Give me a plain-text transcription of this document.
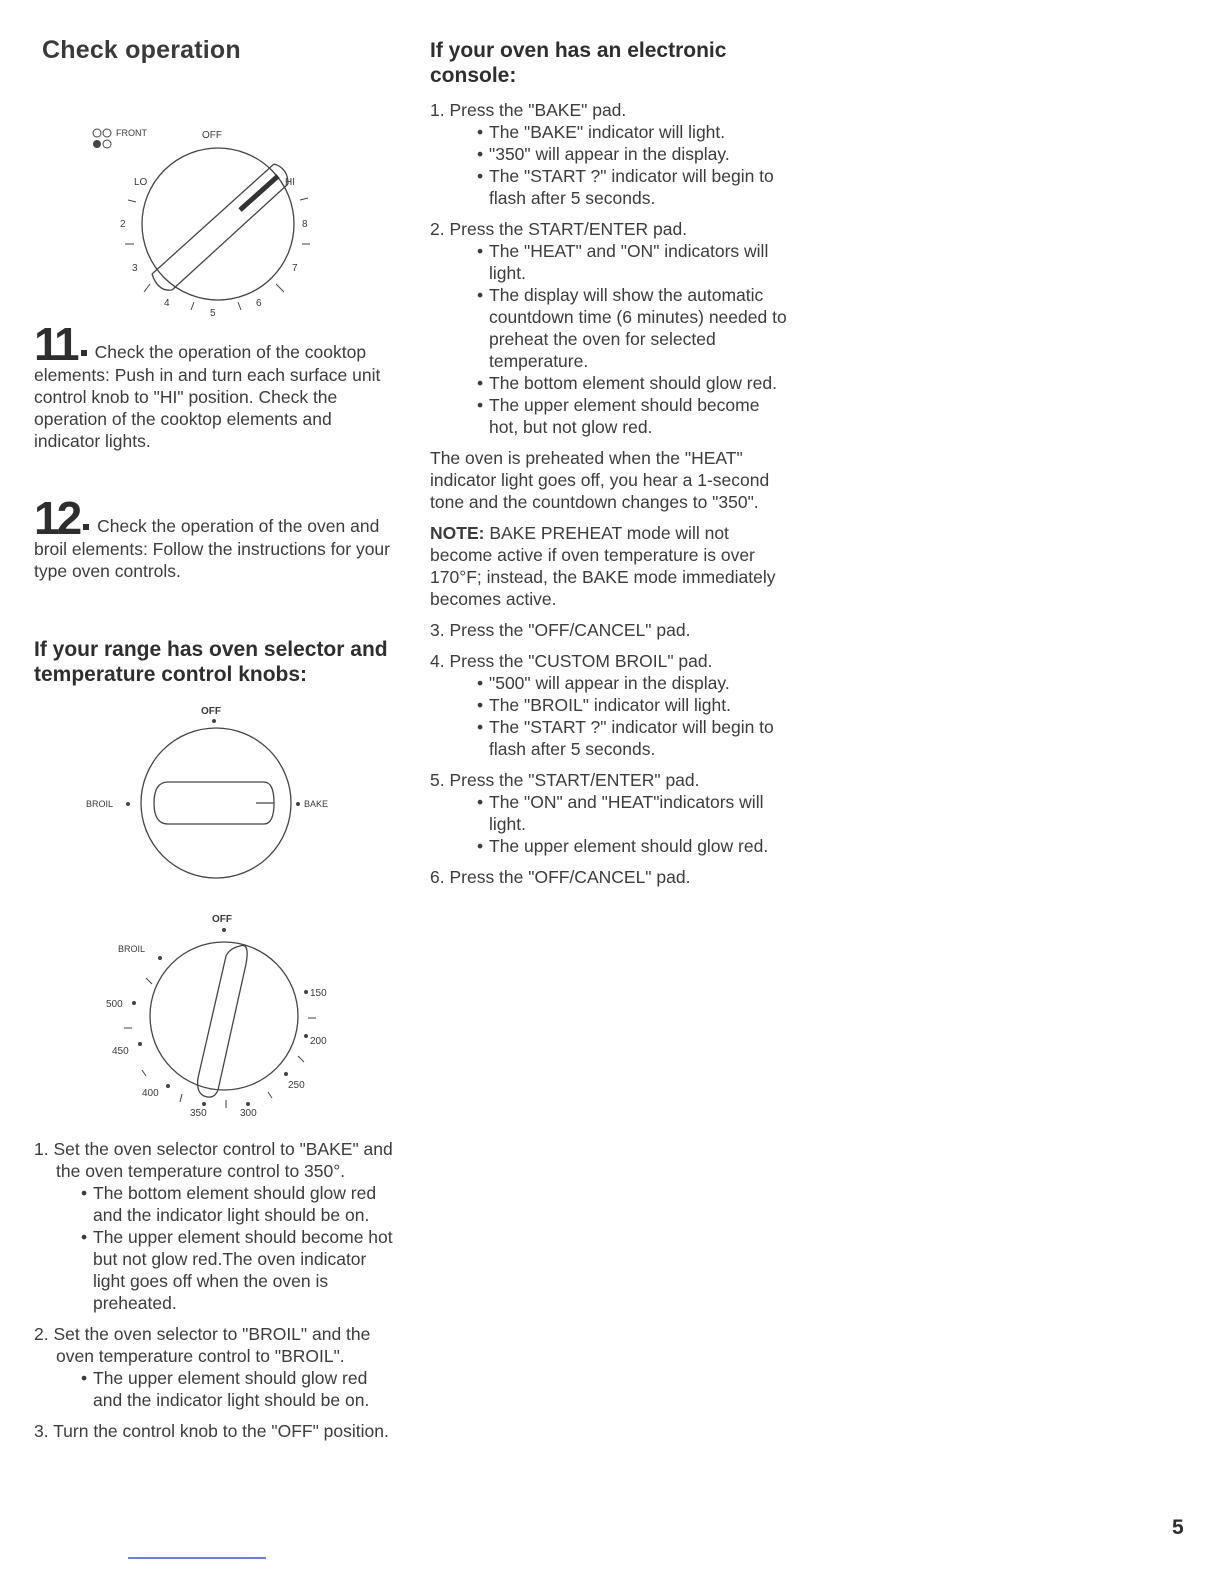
Check operation
FRONT	OFF
LO	HI
2
3
4
5
6
7
8
11 Check the operation of the cooktop elements: Push in and turn each surface unit control knob to "HI" position. Check the operation of the cooktop elements and indicator lights.
12 Check the operation of the oven and broil elements: Follow the instructions for your type oven controls.
If your range has oven selector and temperature control knobs:
OFF
BROIL	BAKE
OFF
BROIL
500
450
400
350	300
250
200
150
1. Set the oven selector control to "BAKE" and the oven temperature control to 350°.
• The bottom element should glow red and the indicator light should be on.
• The upper element should become hot but not glow red.The oven indicator light goes off when the oven is preheated.
2. Set the oven selector to "BROIL" and the oven temperature control to "BROIL".
• The upper element should glow red and the indicator light should be on.
3. Turn the control knob to the "OFF" position.
If your oven has an electronic console:
1. Press the "BAKE" pad.
• The "BAKE" indicator will light.
• "350" will appear in the display.
• The "START ?" indicator will begin to flash after 5 seconds.
2. Press the START/ENTER pad.
• The "HEAT" and "ON" indicators will light.
• The display will show the automatic countdown time (6 minutes) needed to preheat the oven for selected temperature.
• The bottom element should glow red.
• The upper element should become hot, but not glow red.

The oven is preheated when the "HEAT" indicator light goes off, you hear a 1-second tone and the countdown changes to "350".

NOTE: BAKE PREHEAT mode will not become active if oven temperature is over 170°F; instead, the BAKE mode immediately becomes active.

3. Press the "OFF/CANCEL" pad.
4. Press the "CUSTOM BROIL" pad.
• "500" will appear in the display.
• The "BROIL" indicator will light.
• The "START ?" indicator will begin to flash after 5 seconds.
5. Press the "START/ENTER" pad.
• The "ON" and "HEAT"indicators will light.
• The upper element should glow red.
6. Press the "OFF/CANCEL" pad.
5
